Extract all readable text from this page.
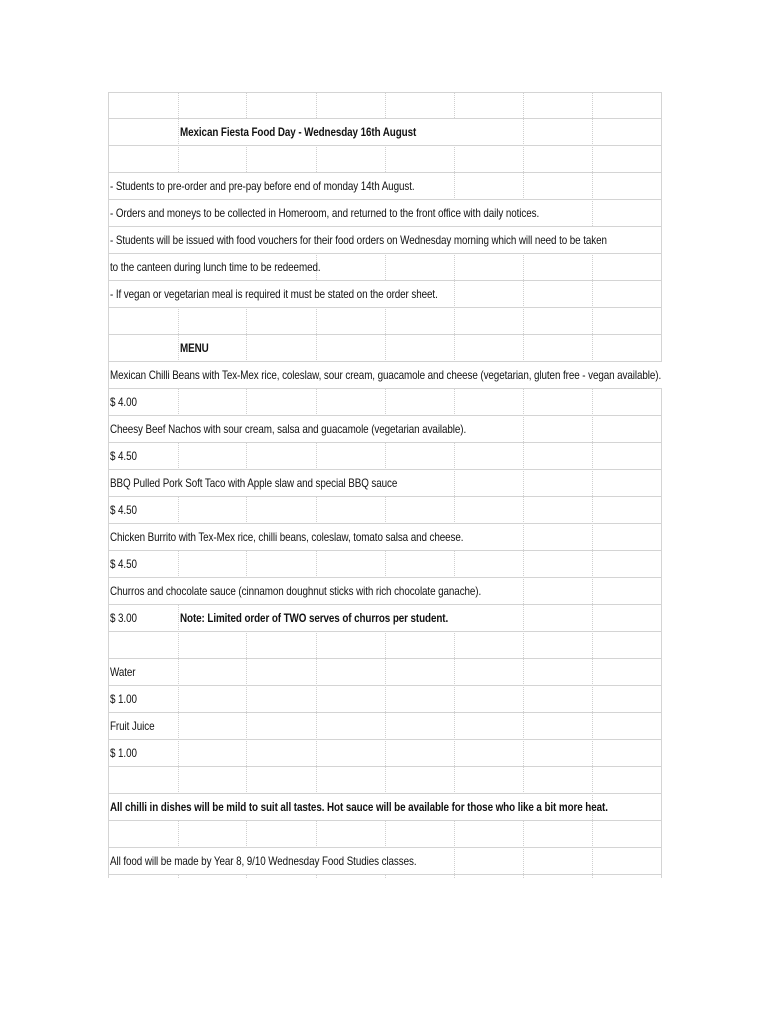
Mexican Fiesta Food Day - Wednesday 16th August
- Students to pre-order and pre-pay before end of monday 14th August.
- Orders and moneys to be collected in Homeroom, and returned to the front office with daily notices.
- Students will be issued with food vouchers for their food orders on Wednesday morning which will need to be taken
to the canteen during lunch time to be redeemed.
- If vegan or vegetarian meal is required it must be stated on the order sheet.
MENU
Mexican Chilli Beans with Tex-Mex rice, coleslaw, sour cream, guacamole and cheese (vegetarian, gluten free - vegan available).
$ 4.00
Cheesy Beef Nachos with sour cream, salsa and guacamole (vegetarian available).
$ 4.50
BBQ Pulled Pork Soft Taco with Apple slaw and special BBQ sauce
$ 4.50
Chicken Burrito with Tex-Mex rice, chilli beans, coleslaw, tomato salsa and cheese.
$ 4.50
Churros and chocolate sauce (cinnamon doughnut sticks with rich chocolate ganache).
$ 3.00	Note: Limited order of TWO serves of churros per student.
Water
$ 1.00
Fruit Juice
$ 1.00
All chilli in dishes will be mild to suit all tastes. Hot sauce will be available for those who like a bit more heat.
All food will be made by Year 8, 9/10 Wednesday Food Studies classes.
